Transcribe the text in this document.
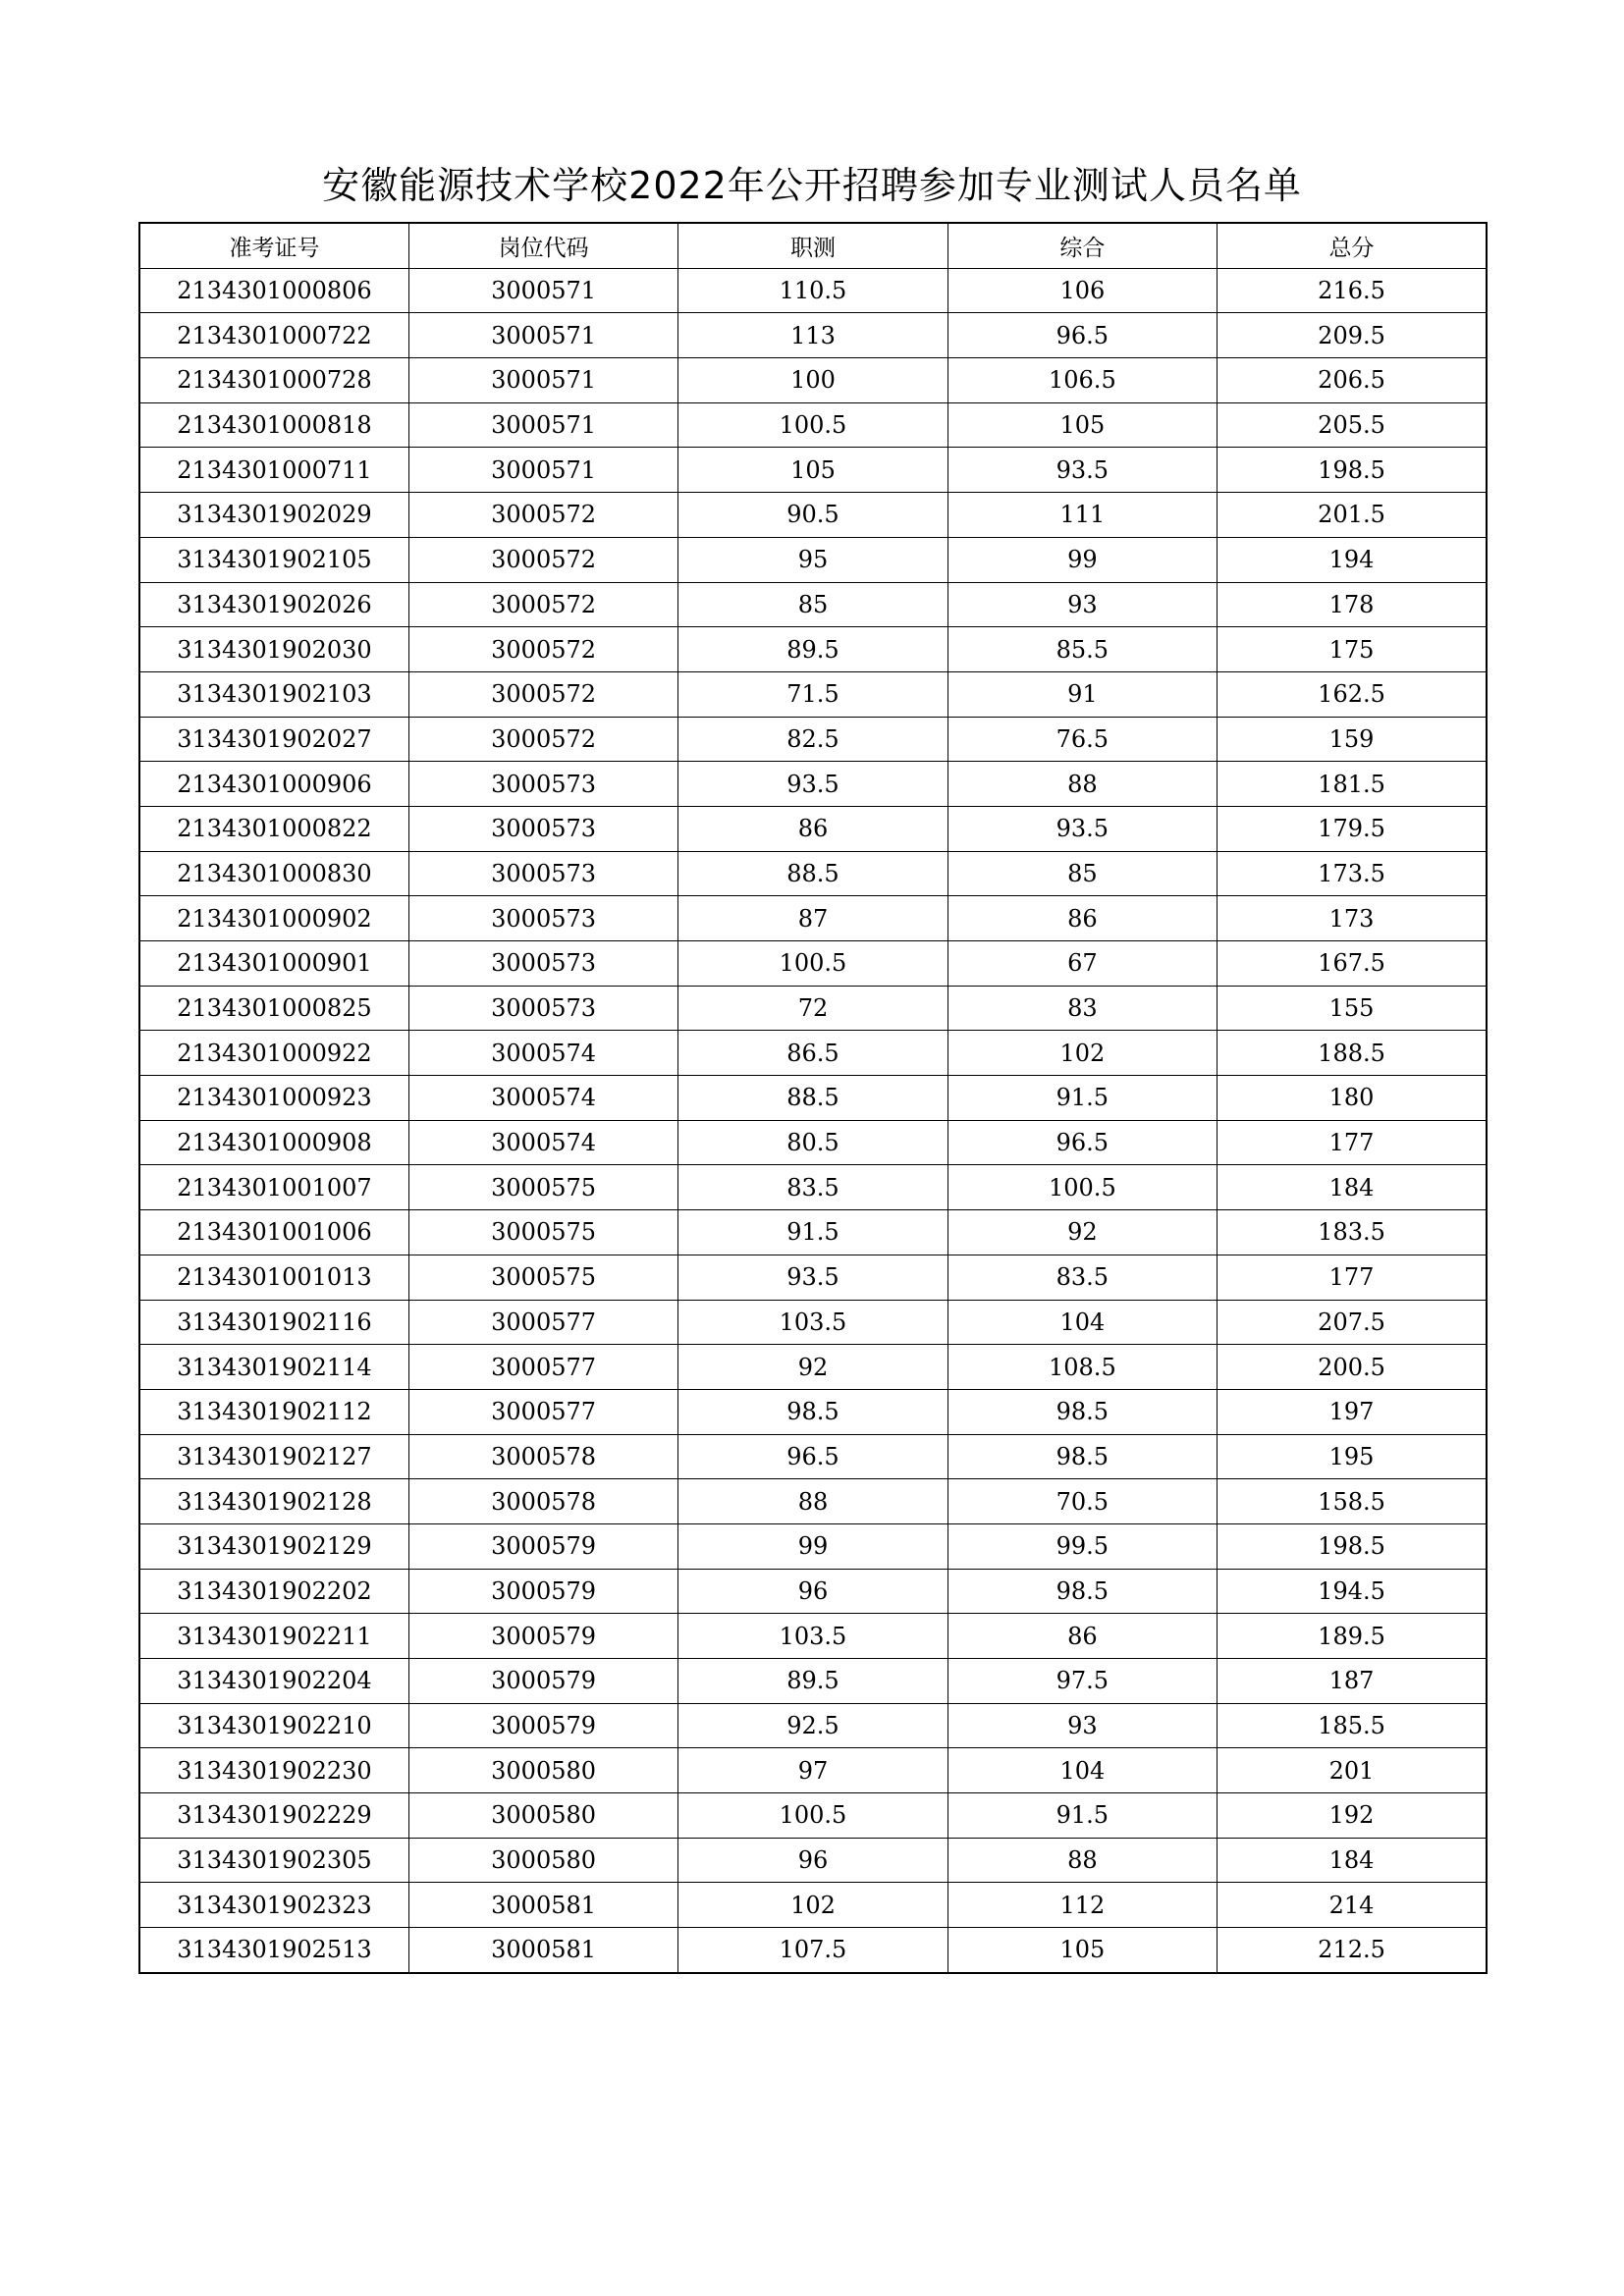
安徽能源技术学校2022年公开招聘参加专业测试人员名单
准考证号	岗位代码	职测	综合	总分
2134301000806	3000571	110.5	106	216.5
2134301000722	3000571	113	96.5	209.5
2134301000728	3000571	100	106.5	206.5
2134301000818	3000571	100.5	105	205.5
2134301000711	3000571	105	93.5	198.5
3134301902029	3000572	90.5	111	201.5
3134301902105	3000572	95	99	194
3134301902026	3000572	85	93	178
3134301902030	3000572	89.5	85.5	175
3134301902103	3000572	71.5	91	162.5
3134301902027	3000572	82.5	76.5	159
2134301000906	3000573	93.5	88	181.5
2134301000822	3000573	86	93.5	179.5
2134301000830	3000573	88.5	85	173.5
2134301000902	3000573	87	86	173
2134301000901	3000573	100.5	67	167.5
2134301000825	3000573	72	83	155
2134301000922	3000574	86.5	102	188.5
2134301000923	3000574	88.5	91.5	180
2134301000908	3000574	80.5	96.5	177
2134301001007	3000575	83.5	100.5	184
2134301001006	3000575	91.5	92	183.5
2134301001013	3000575	93.5	83.5	177
3134301902116	3000577	103.5	104	207.5
3134301902114	3000577	92	108.5	200.5
3134301902112	3000577	98.5	98.5	197
3134301902127	3000578	96.5	98.5	195
3134301902128	3000578	88	70.5	158.5
3134301902129	3000579	99	99.5	198.5
3134301902202	3000579	96	98.5	194.5
3134301902211	3000579	103.5	86	189.5
3134301902204	3000579	89.5	97.5	187
3134301902210	3000579	92.5	93	185.5
3134301902230	3000580	97	104	201
3134301902229	3000580	100.5	91.5	192
3134301902305	3000580	96	88	184
3134301902323	3000581	102	112	214
3134301902513	3000581	107.5	105	212.5
